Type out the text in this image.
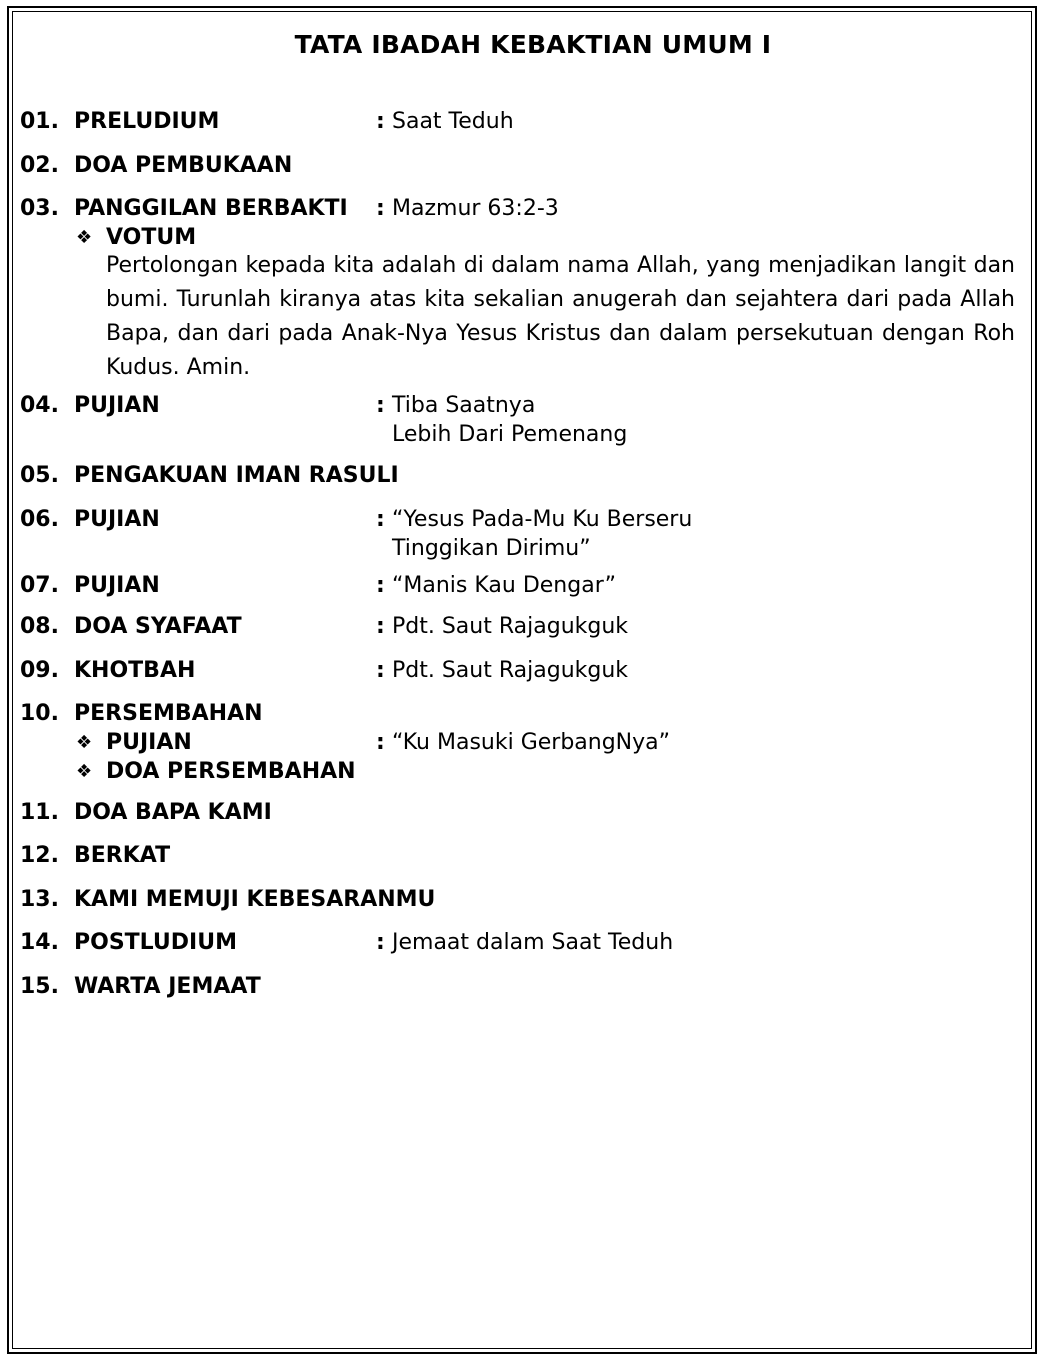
TATA IBADAH KEBAKTIAN UMUM I
01. PRELUDIUM	: Saat Teduh
02. DOA PEMBUKAAN
03. PANGGILAN BERBAKTI : Mazmur 63:2-3
❖ VOTUM
Pertolongan kepada kita adalah di dalam nama Allah, yang menjadikan langit dan bumi. Turunlah kiranya atas kita sekalian anugerah dan sejahtera dari pada Allah Bapa, dan dari pada Anak-Nya Yesus Kristus dan dalam persekutuan dengan Roh Kudus. Amin.
04. PUJIAN	: Tiba Saatnya
Lebih Dari Pemenang
05. PENGAKUAN IMAN RASULI
06. PUJIAN	: “Yesus Pada-Mu Ku Berseru
Tinggikan Dirimu”
07. PUJIAN	: “Manis Kau Dengar”
08. DOA SYAFAAT	: Pdt. Saut Rajagukguk
09. KHOTBAH	: Pdt. Saut Rajagukguk
10. PERSEMBAHAN
❖ PUJIAN	: “Ku Masuki GerbangNya”
❖ DOA PERSEMBAHAN
11. DOA BAPA KAMI
12. BERKAT
13. KAMI MEMUJI KEBESARANMU
14. POSTLUDIUM	: Jemaat dalam Saat Teduh
15. WARTA JEMAAT
